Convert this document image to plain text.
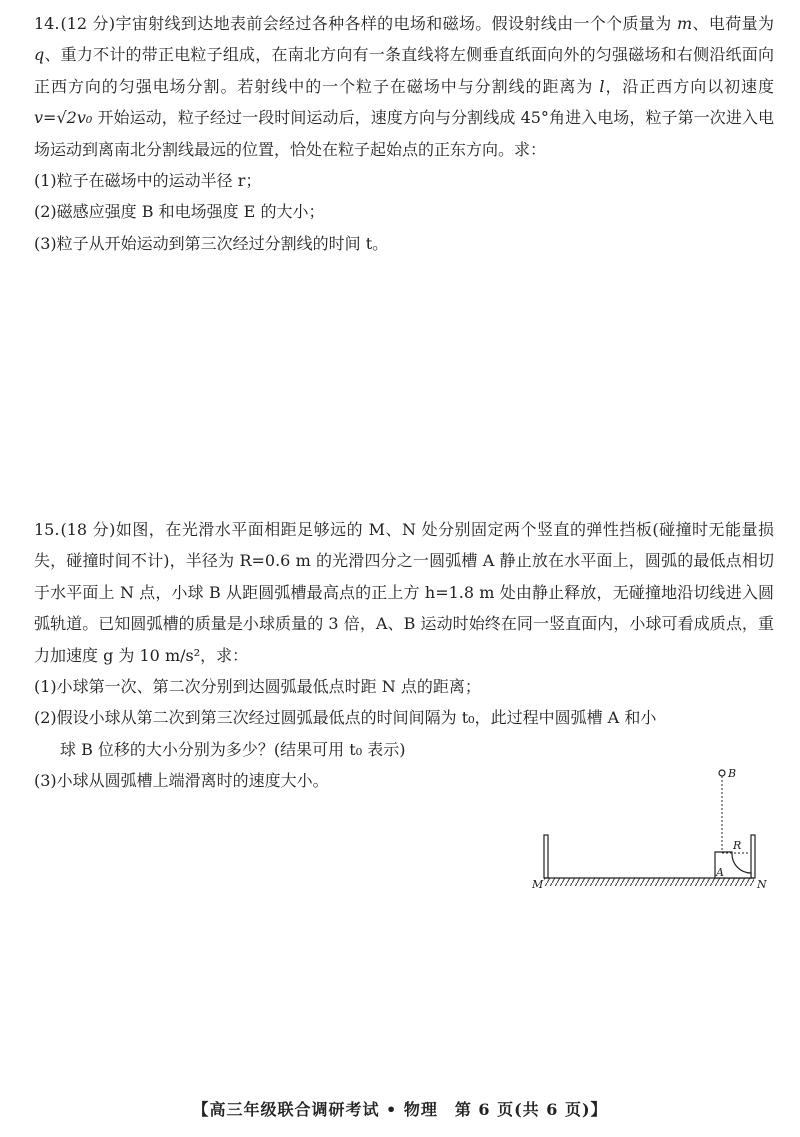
14.(12 分)宇宙射线到达地表前会经过各种各样的电场和磁场。假设射线由一个个质量为 m、电荷量为 q、重力不计的带正电粒子组成，在南北方向有一条直线将左侧垂直纸面向外的匀强磁场和右侧沿纸面向正西方向的匀强电场分割。若射线中的一个粒子在磁场中与分割线的距离为 l，沿正西方向以初速度 v=√2v₀ 开始运动，粒子经过一段时间运动后，速度方向与分割线成 45°角进入电场，粒子第一次进入电场运动到离南北分割线最远的位置，恰处在粒子起始点的正东方向。求：

(1)粒子在磁场中的运动半径 r；

(2)磁感应强度 B 和电场强度 E 的大小；

(3)粒子从开始运动到第三次经过分割线的时间 t。

15.(18 分)如图，在光滑水平面相距足够远的 M、N 处分别固定两个竖直的弹性挡板(碰撞时无能量损失，碰撞时间不计)，半径为 R=0.6 m 的光滑四分之一圆弧槽 A 静止放在水平面上，圆弧的最低点相切于水平面上 N 点，小球 B 从距圆弧槽最高点的正上方 h=1.8 m 处由静止释放，无碰撞地沿切线进入圆弧轨道。已知圆弧槽的质量是小球质量的 3 倍，A、B 运动时始终在同一竖直面内，小球可看成质点，重力加速度 g 为 10 m/s²，求：

(1)小球第一次、第二次分别到达圆弧最低点时距 N 点的距离；

(2)假设小球从第二次到第三次经过圆弧最低点的时间间隔为 t₀，此过程中圆弧槽 A 和小
球 B 位移的大小分别为多少？(结果可用 t₀ 表示)

(3)小球从圆弧槽上端滑离时的速度大小。	B
R
A
M	N
【高三年级联合调研考试 • 物理　第 6 页(共 6 页)】
